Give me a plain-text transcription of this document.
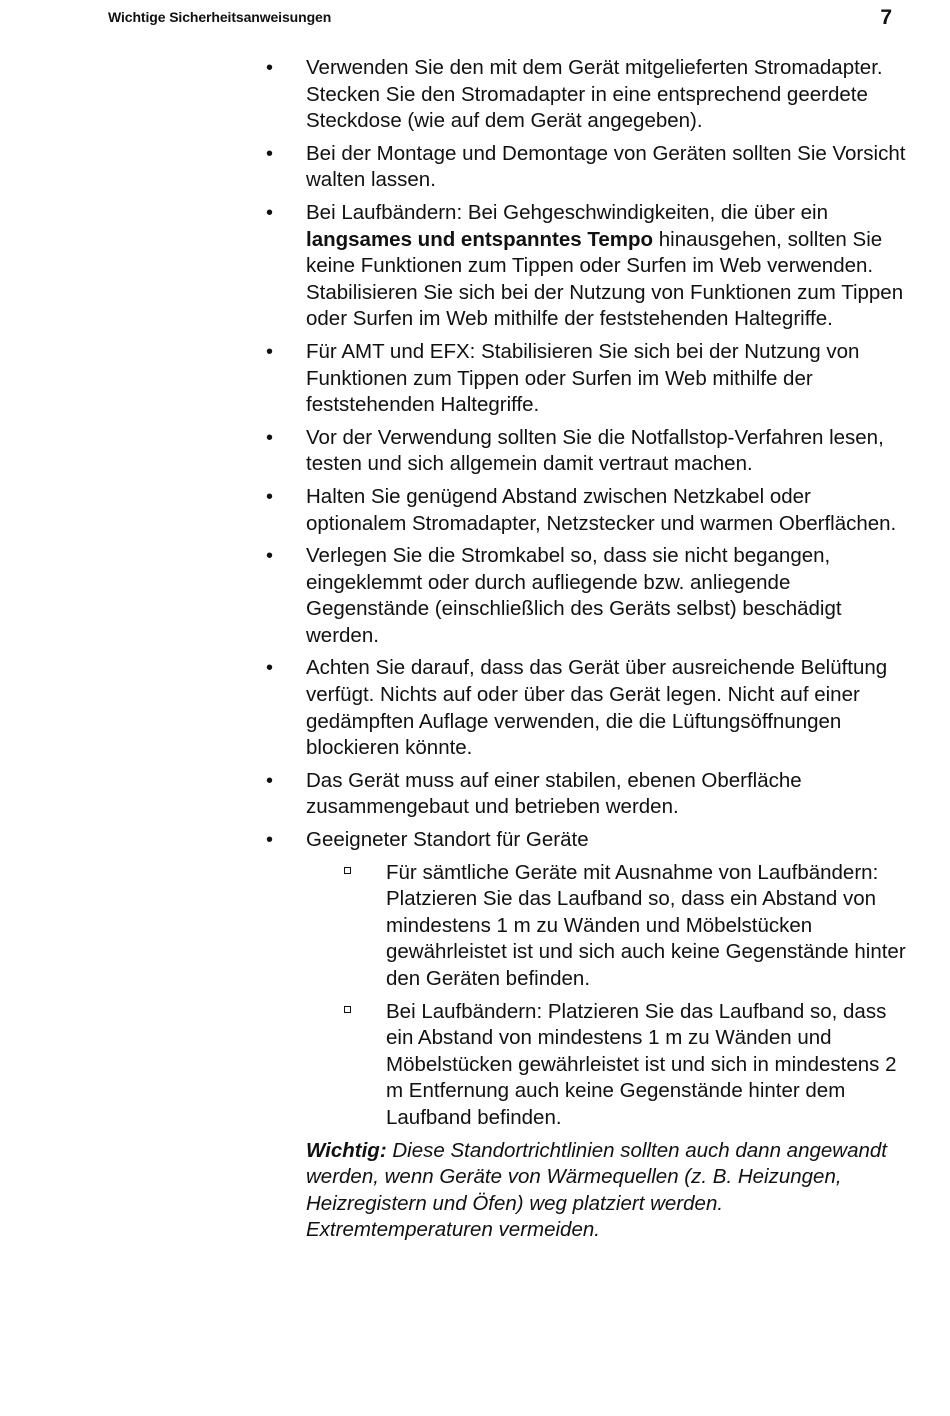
Wichtige Sicherheitsanweisungen	7
• Verwenden Sie den mit dem Gerät mitgelieferten Stromadapter. Stecken Sie den Stromadapter in eine entsprechend geerdete Steckdose (wie auf dem Gerät angegeben).
• Bei der Montage und Demontage von Geräten sollten Sie Vorsicht walten lassen.
• Bei Laufbändern: Bei Gehgeschwindigkeiten, die über ein langsames und entspanntes Tempo hinausgehen, sollten Sie keine Funktionen zum Tippen oder Surfen im Web verwenden. Stabilisieren Sie sich bei der Nutzung von Funktionen zum Tippen oder Surfen im Web mithilfe der feststehenden Haltegriffe.
• Für AMT und EFX: Stabilisieren Sie sich bei der Nutzung von Funktionen zum Tippen oder Surfen im Web mithilfe der feststehenden Haltegriffe.
• Vor der Verwendung sollten Sie die Notfallstop-Verfahren lesen, testen und sich allgemein damit vertraut machen.
• Halten Sie genügend Abstand zwischen Netzkabel oder optionalem Stromadapter, Netzstecker und warmen Oberflächen.
• Verlegen Sie die Stromkabel so, dass sie nicht begangen, eingeklemmt oder durch aufliegende bzw. anliegende Gegenstände (einschließlich des Geräts selbst) beschädigt werden.
• Achten Sie darauf, dass das Gerät über ausreichende Belüftung verfügt. Nichts auf oder über das Gerät legen. Nicht auf einer gedämpften Auflage verwenden, die die Lüftungsöffnungen blockieren könnte.
• Das Gerät muss auf einer stabilen, ebenen Oberfläche zusammengebaut und betrieben werden.
• Geeigneter Standort für Geräte
Für sämtliche Geräte mit Ausnahme von Laufbändern: Platzieren Sie das Laufband so, dass ein Abstand von mindestens 1 m zu Wänden und Möbelstücken gewährleistet ist und sich auch keine Gegenstände hinter den Geräten befinden.
Bei Laufbändern: Platzieren Sie das Laufband so, dass ein Abstand von mindestens 1 m zu Wänden und Möbelstücken gewährleistet ist und sich in mindestens 2 m Entfernung auch keine Gegenstände hinter dem Laufband befinden.

Wichtig: Diese Standortrichtlinien sollten auch dann angewandt werden, wenn Geräte von Wärmequellen (z. B. Heizungen, Heizregistern und Öfen) weg platziert werden. Extremtemperaturen vermeiden.
